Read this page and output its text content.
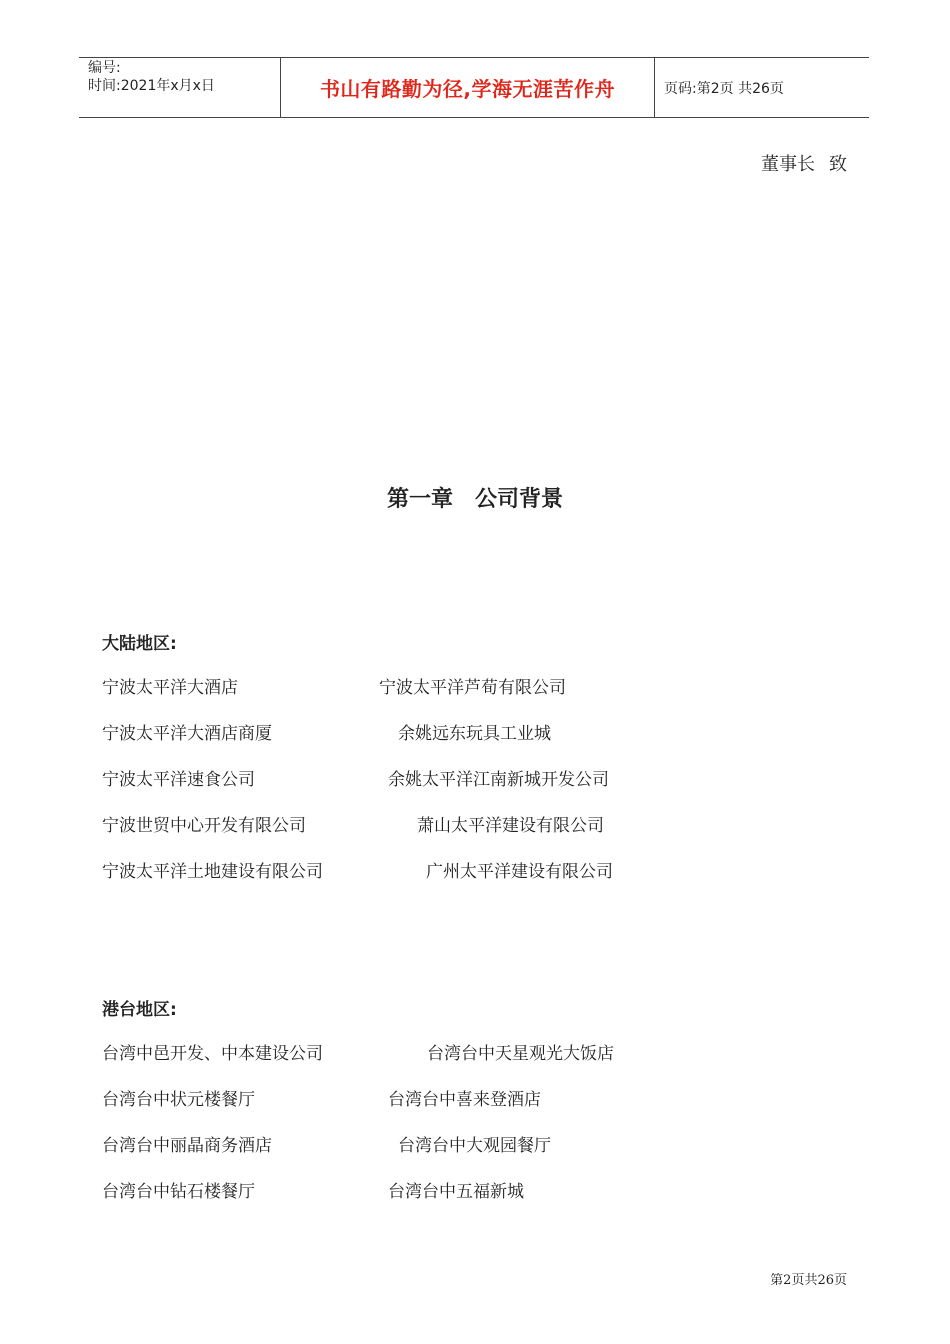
编号:
时间:2021年x月x日	书山有路勤为径,学海无涯苦作舟	页码:第2页 共26页
董事长 致
第一章 公司背景
大陆地区:
宁波太平洋大酒店	宁波太平洋芦荀有限公司
宁波太平洋大酒店商厦	余姚远东玩具工业城
宁波太平洋速食公司	余姚太平洋江南新城开发公司
宁波世贸中心开发有限公司	萧山太平洋建设有限公司
宁波太平洋土地建设有限公司	广州太平洋建设有限公司
港台地区:
台湾中邑开发、中本建设公司	台湾台中天星观光大饭店
台湾台中状元楼餐厅	台湾台中喜来登酒店
台湾台中丽晶商务酒店	台湾台中大观园餐厅
台湾台中钻石楼餐厅	台湾台中五福新城
第2页共26页
